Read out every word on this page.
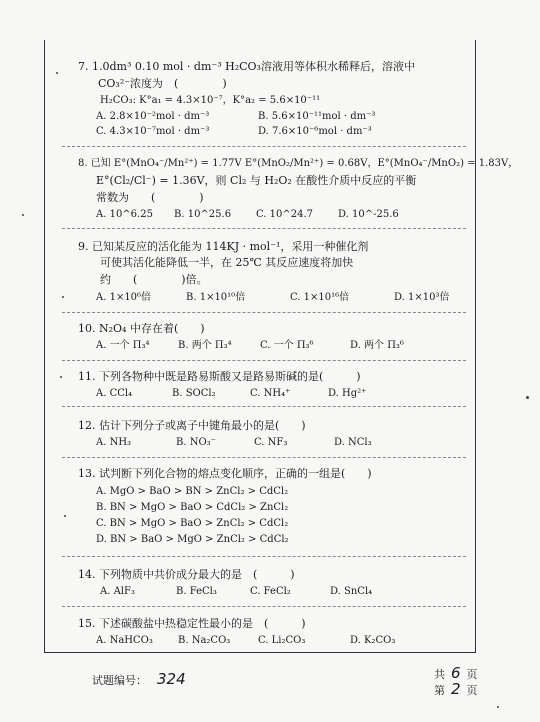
7. 1.0dm³ 0.10 mol · dm⁻³ H₂CO₃溶液用等体积水稀释后，溶液中
CO₃²⁻浓度为　(　　　　)
H₂CO₃: K°a₁ = 4.3×10⁻⁷，K°a₂ = 5.6×10⁻¹¹
A. 2.8×10⁻²mol · dm⁻³	B. 5.6×10⁻¹¹mol · dm⁻³
C. 4.3×10⁻⁷mol · dm⁻³	D. 7.6×10⁻⁶mol · dm⁻³
8. 已知 E°(MnO₄⁻/Mn²⁺) = 1.77V E°(MnO₂/Mn²⁺) = 0.68V，E°(MnO₄⁻/MnO₂) = 1.83V，
E°(Cl₂/Cl⁻) = 1.36V，则 Cl₂ 与 H₂O₂ 在酸性介质中反应的平衡
常数为　　(　　　　)
A. 10^6.25 B. 10^25.6 C. 10^24.7 D. 10^-25.6
9. 已知某反应的活化能为 114KJ · mol⁻¹，采用一种催化剂
可使其活化能降低一半，在 25℃ 其反应速度将加快
约　　(　　　　)倍。
A. 1×10⁶倍	B. 1×10¹⁰倍	C. 1×10¹⁶倍	D. 1×10³倍
10. N₂O₄ 中存在着(　　)
A. 一个 Π₃⁴	B. 两个 Π₃⁴	C. 一个 Π₃⁶	D. 两个 Π₃⁶
11. 下列各物种中既是路易斯酸又是路易斯碱的是(　　　)
A. CCl₄	B. SOCl₂	C. NH₄⁺	D. Hg²⁺
12. 估计下列分子或离子中键角最小的是(　　)
A. NH₃	B. NO₃⁻	C. NF₃	D. NCl₃
13. 试判断下列化合物的熔点变化顺序，正确的一组是(　　)
A. MgO > BaO > BN > ZnCl₂ > CdCl₂
B. BN > MgO > BaO > CdCl₂ > ZnCl₂
C. BN > MgO > BaO > ZnCl₂ > CdCl₂
D. BN > BaO > MgO > ZnCl₂ > CdCl₂
14. 下列物质中共价成分最大的是　(　　　)
A. AlF₃	B. FeCl₃	C. FeCl₂	D. SnCl₄
15. 下述碳酸盐中热稳定性最小的是　(　　　)
A. NaHCO₃	B. Na₂CO₃	C. Li₂CO₃	D. K₂CO₃
试题编号： 324	共 6 页
第 2 页
